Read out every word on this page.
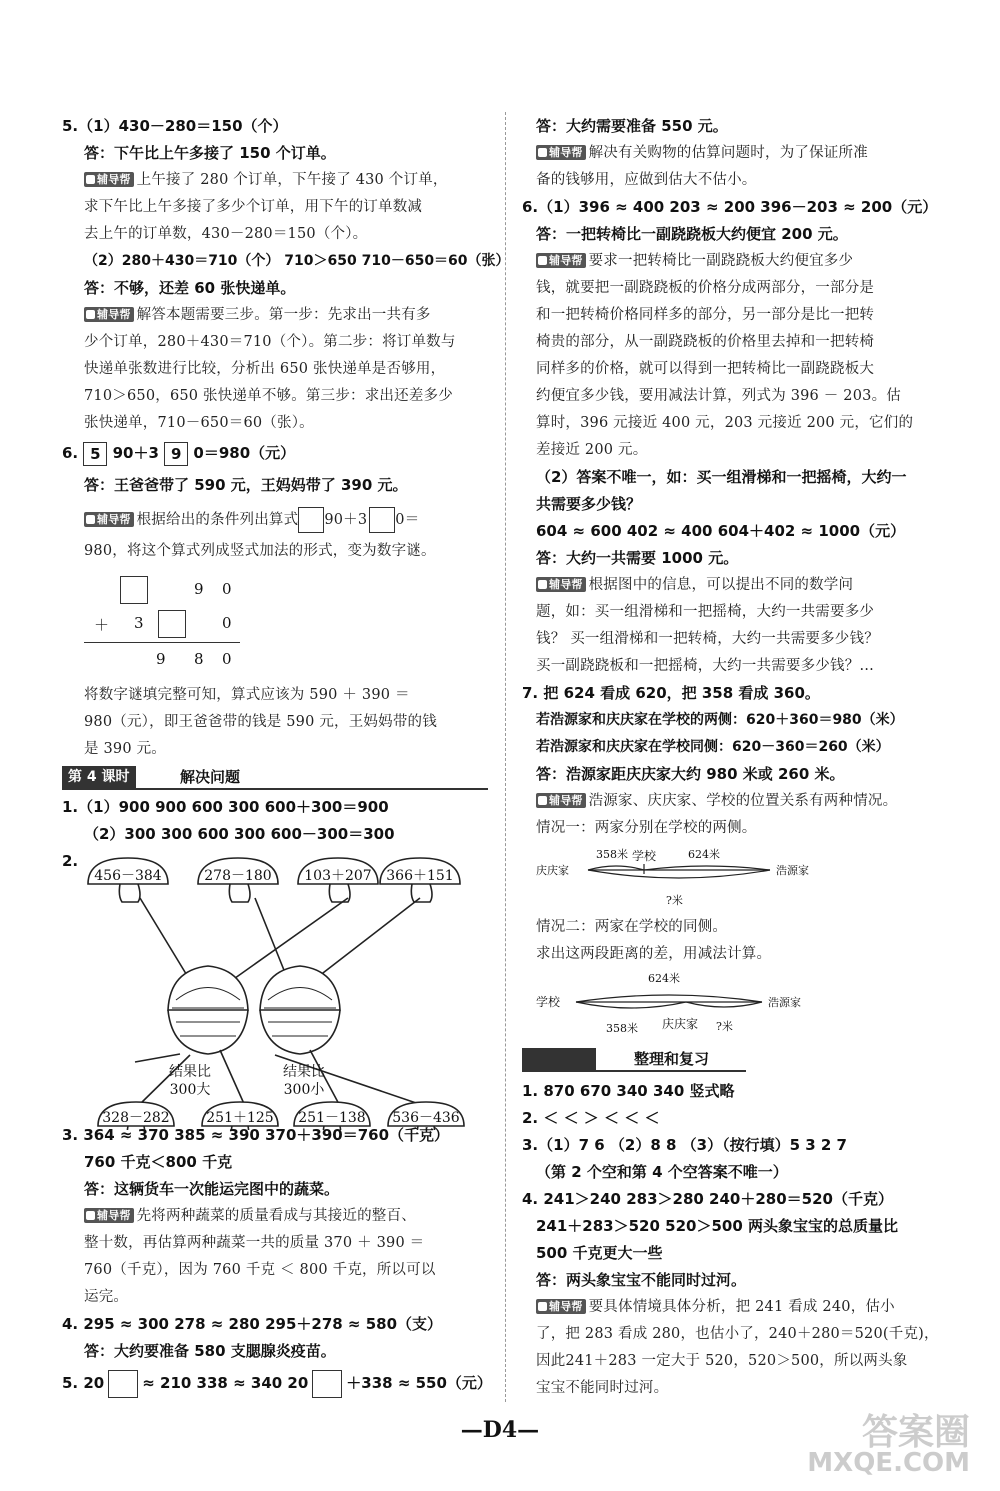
5.（1）430－280＝150（个）
答：下午比上午多接了 150 个订单。
辅导帮 上午接了 280 个订单，下午接了 430 个订单，
求下午比上午多接了多少个订单，用下午的订单数减
去上午的订单数，430－280＝150（个）。
（2）280＋430＝710（个） 710＞650 710－650＝60（张）
答：不够，还差 60 张快递单。
辅导帮 解答本题需要三步。第一步：先求出一共有多
少个订单，280＋430＝710（个）。第二步：将订单数与
快递单张数进行比较，分析出 650 张快递单是否够用，
710＞650，650 张快递单不够。第三步：求出还差多少
张快递单，710－650＝60（张）。
6. 5 90＋3 9 0＝980（元）
答：王爸爸带了 590 元，王妈妈带了 390 元。
辅导帮 根据给出的条件列出算式 90＋3 0＝
980，将这个算式列成竖式加法的形式，变为数字谜。
9 0
＋ 3	0
9 8 0
将数字谜填完整可知，算式应该为 590 ＋ 390 ＝
980（元），即王爸爸带的钱是 590 元，王妈妈带的钱
是 390 元。
第 4 课时	解决问题
1.（1）900 900 600 300 600＋300＝900
（2）300 300 600 300 600－300＝300
2.
456－384	278－180 103＋207 366＋151
结果比
300大
结果比
300小
328－282	251＋125 251－138 536－436
3. 364 ≈ 370 385 ≈ 390 370＋390＝760（千克）
760 千克＜800 千克
答：这辆货车一次能运完图中的蔬菜。
辅导帮 先将两种蔬菜的质量看成与其接近的整百、
整十数，再估算两种蔬菜一共的质量 370 ＋ 390 ＝
760（千克），因为 760 千克 ＜ 800 千克，所以可以
运完。
4. 295 ≈ 300 278 ≈ 280 295＋278 ≈ 580（支）
答：大约要准备 580 支腮腺炎疫苗。
5. 20	≈ 210 338 ≈ 340 20	＋338 ≈ 550（元）
答：大约需要准备 550 元。
辅导帮 解决有关购物的估算问题时，为了保证所准
备的钱够用，应做到估大不估小。
6.（1）396 ≈ 400 203 ≈ 200 396－203 ≈ 200（元）
答：一把转椅比一副跷跷板大约便宜 200 元。
辅导帮 要求一把转椅比一副跷跷板大约便宜多少
钱，就要把一副跷跷板的价格分成两部分，一部分是
和一把转椅价格同样多的部分，另一部分是比一把转
椅贵的部分，从一副跷跷板的价格里去掉和一把转椅
同样多的价格，就可以得到一把转椅比一副跷跷板大
约便宜多少钱，要用减法计算，列式为 396 － 203。估
算时，396 元接近 400 元，203 元接近 200 元，它们的
差接近 200 元。
（2）答案不唯一，如：买一组滑梯和一把摇椅，大约一
共需要多少钱？
604 ≈ 600 402 ≈ 400 604＋402 ≈ 1000（元）
答：大约一共需要 1000 元。
辅导帮 根据图中的信息，可以提出不同的数学问
题，如：买一组滑梯和一把摇椅，大约一共需要多少
钱？ 买一组滑梯和一把转椅，大约一共需要多少钱？
买一副跷跷板和一把摇椅，大约一共需要多少钱？…
7. 把 624 看成 620，把 358 看成 360。
若浩源家和庆庆家在学校的两侧：620＋360＝980（米）
若浩源家和庆庆家在学校同侧：620－360＝260（米）
答：浩源家距庆庆家大约 980 米或 260 米。
辅导帮 浩源家、庆庆家、学校的位置关系有两种情况。
情况一：两家分别在学校的两侧。
庆庆家
358米 学校	624米
浩源家
?米
情况二：两家在学校的同侧。
求出这两段距离的差，用减法计算。
624米
学校	浩源家
358米 庆庆家 ?米
整理和复习
1. 870 670 340 340 竖式略
2. ＜ ＜ ＞ ＜ ＜ ＜
3.（1）7 6 （2）8 8 （3）（按行填）5 3 2 7
（第 2 个空和第 4 个空答案不唯一）
4. 241＞240 283＞280 240＋280＝520（千克）
241＋283＞520 520＞500 两头象宝宝的总质量比
500 千克更大一些
答：两头象宝宝不能同时过河。
辅导帮 要具体情境具体分析，把 241 看成 240，估小
了，把 283 看成 280，也估小了，240＋280＝520(千克)，
因此241＋283 一定大于 520，520＞500，所以两头象
宝宝不能同时过河。
—D4—	答案圈
MXQE.COM
